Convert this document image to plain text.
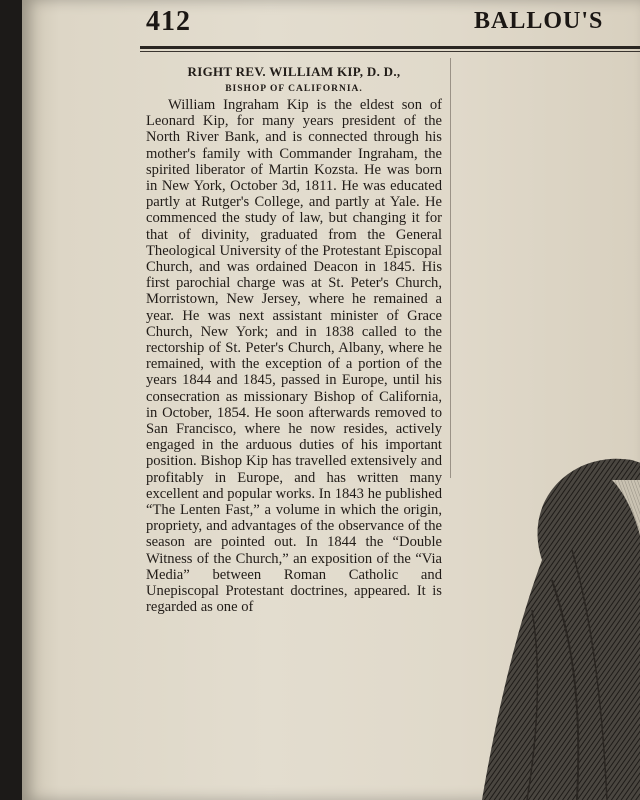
412	BALLOU'S
RIGHT REV. WILLIAM KIP, D. D.,
BISHOP OF CALIFORNIA.

William Ingraham Kip is the eldest son of Leonard Kip, for many years president of the North River Bank, and is connected through his mother's family with Commander Ingraham, the spirited liberator of Martin Kozsta. He was born in New York, October 3d, 1811. He was educated partly at Rutger's College, and partly at Yale. He commenced the study of law, but changing it for that of divinity, graduated from the General Theological University of the Protestant Episcopal Church, and was ordained Deacon in 1845. His first parochial charge was at St. Peter's Church, Morristown, New Jersey, where he remained a year. He was next assistant minister of Grace Church, New York; and in 1838 called to the rectorship of St. Peter's Church, Albany, where he remained, with the exception of a portion of the years 1844 and 1845, passed in Europe, until his consecration as missionary Bishop of California, in October, 1854. He soon afterwards removed to San Francisco, where he now resides, actively engaged in the arduous duties of his important position. Bishop Kip has travelled extensively and profitably in Europe, and has written many excellent and popular works. In 1843 he published “The Lenten Fast,” a volume in which the origin, propriety, and advantages of the observance of the season are pointed out. In 1844 the “Double Witness of the Church,” an exposition of the “Via Media” between Roman Catholic and Unepiscopal Protestant doctrines, appeared. It is regarded as one of
